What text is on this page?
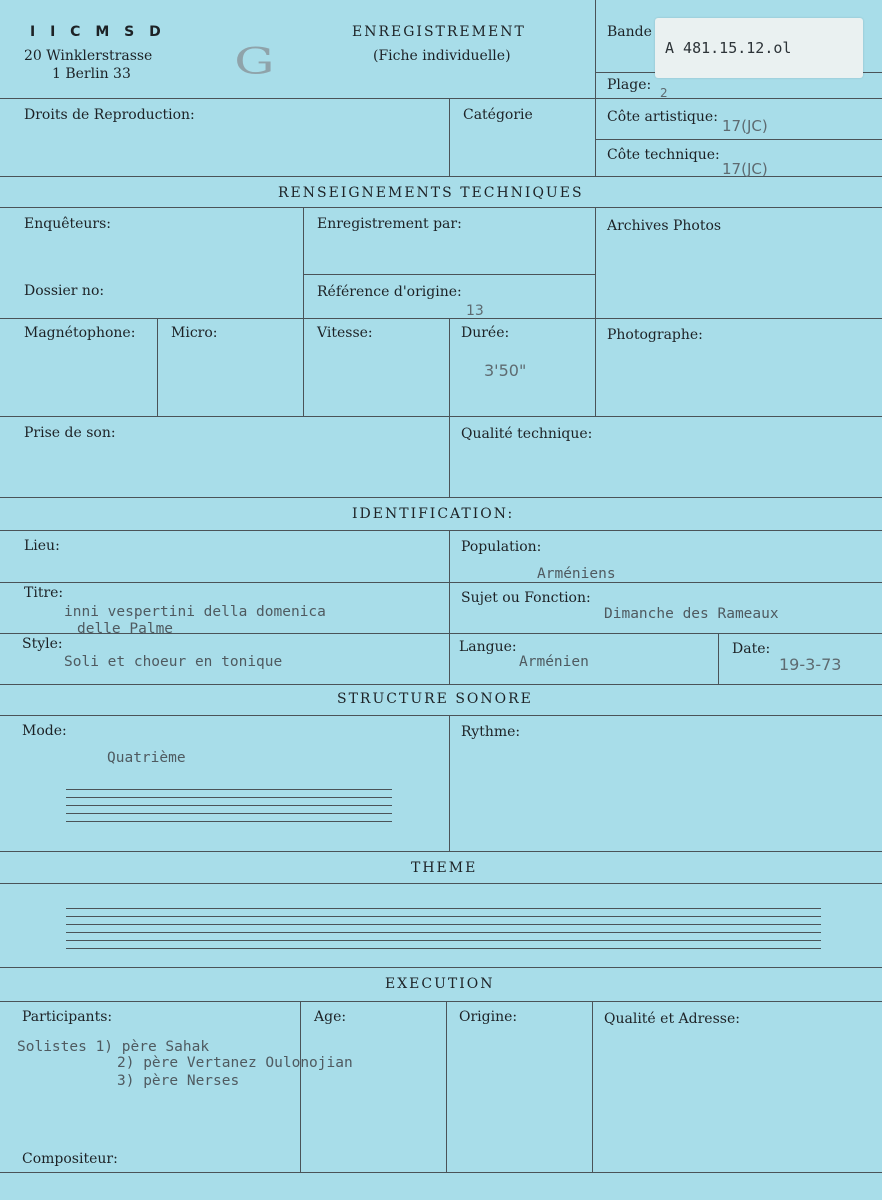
I I C M S D
20 Winklerstrasse
1 Berlin 33	G
ENREGISTREMENT
(Fiche individuelle)
Bande
A 481.15.12.ol
Plage: 2
Droits de Reproduction:	Catégorie	Côte artistique: 17(JC)
Côte technique:
17(JC)
RENSEIGNEMENTS TECHNIQUES
Enquêteurs:	Enregistrement par:	Archives Photos
Dossier no:	Référence d'origine:
13
Magnétophone:	Micro:	Vitesse:	Durée:
3'50"
Photographe:
Prise de son:	Qualité technique:
IDENTIFICATION:
Lieu:	Population:
Arméniens
Titre:
inni vespertini della domenica
delle Palme
Sujet ou Fonction:
Dimanche des Rameaux
Style:
Soli et choeur en tonique
Langue:
Arménien
Date:
19-3-73
STRUCTURE SONORE
Mode:
Quatrième
Rythme:
THEME
EXECUTION
Participants:	Age:	Origine:	Qualité et Adresse:
Solistes 1) père Sahak
2) père Vertanez Oulonojian
3) père Nerses
Compositeur:
